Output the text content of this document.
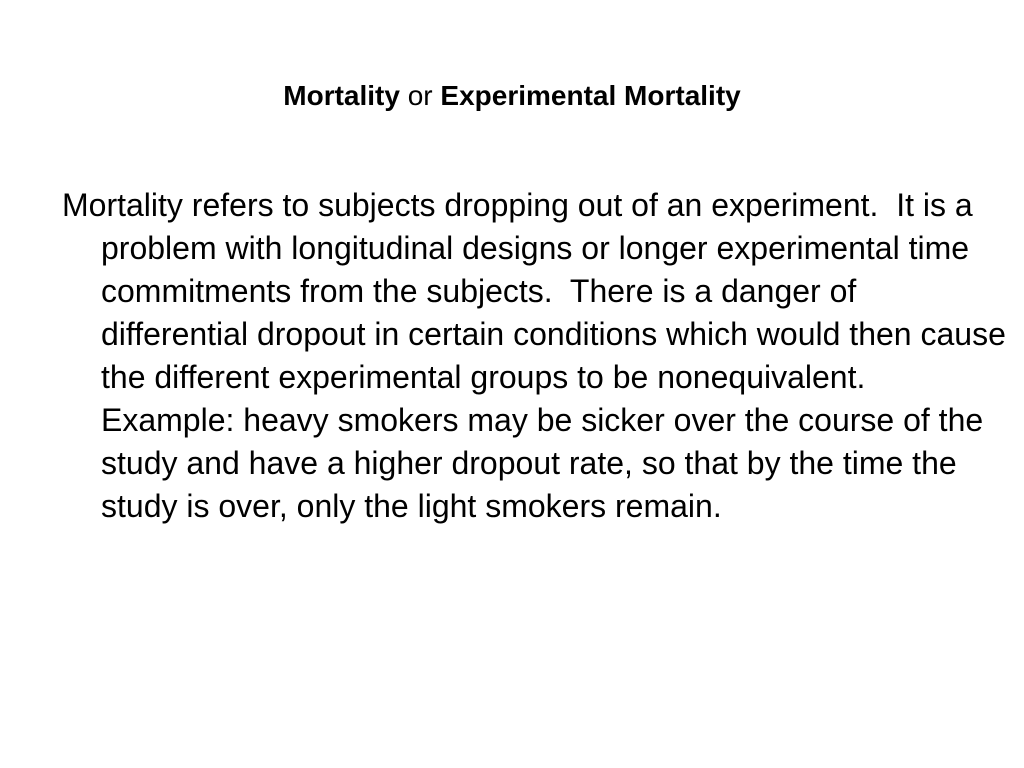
Mortality or Experimental Mortality

Mortality refers to subjects dropping out of an experiment.  It is a problem with longitudinal designs or longer experimental time commitments from the subjects.  There is a danger of differential dropout in certain conditions which would then cause the different experimental groups to be nonequivalent.  Example: heavy smokers may be sicker over the course of the study and have a higher dropout rate, so that by the time the study is over, only the light smokers remain.
